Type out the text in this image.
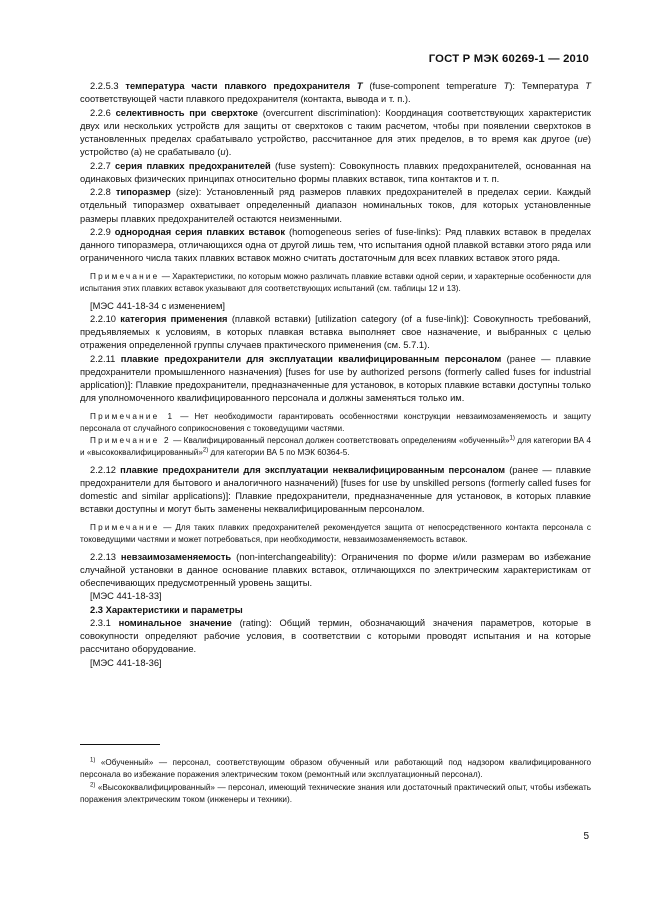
ГОСТ Р МЭК 60269-1 — 2010

2.2.5.3 температура части плавкого предохранителя T (fuse-component temperature T): Температура T соответствующей части плавкого предохранителя (контакта, вывода и т. п.).

2.2.6 селективность при сверхтоке (overcurrent discrimination): Координация соответствующих характеристик двух или нескольких устройств для защиты от сверхтоков с таким расчетом, чтобы при появлении сверхтоков в установленных пределах срабатывало устройство, рассчитанное для этих пределов, в то время как другое (ие) устройство (а) не срабатывало (и).

2.2.7 серия плавких предохранителей (fuse system): Совокупность плавких предохранителей, основанная на одинаковых физических принципах относительно формы плавких вставок, типа контактов и т. п.

2.2.8 типоразмер (size): Установленный ряд размеров плавких предохранителей в пределах серии. Каждый отдельный типоразмер охватывает определенный диапазон номинальных токов, для которых установленные размеры плавких предохранителей остаются неизменными.

2.2.9 однородная серия плавких вставок (homogeneous series of fuse-links): Ряд плавких вставок в пределах данного типоразмера, отличающихся одна от другой лишь тем, что испытания одной плавкой вставки этого ряда или ограниченного числа таких плавких вставок можно считать достаточным для всех плавких вставок этого ряда.

Примечание — Характеристики, по которым можно различать плавкие вставки одной серии, и характерные особенности для испытания этих плавких вставок указывают для соответствующих испытаний (см. таблицы 12 и 13).

[МЭС 441-18-34 с изменением]

2.2.10 категория применения (плавкой вставки) [utilization category (of a fuse-link)]: Совокупность требований, предъявляемых к условиям, в которых плавкая вставка выполняет свое назначение, и выбранных с целью отражения определенной группы случаев практического применения (см. 5.7.1).

2.2.11 плавкие предохранители для эксплуатации квалифицированным персоналом (ранее — плавкие предохранители промышленного назначения) [fuses for use by authorized persons (formerly called fuses for industrial application)]: Плавкие предохранители, предназначенные для установок, в которых плавкие вставки доступны только для уполномоченного квалифицированного персонала и должны заменяться только им.

Примечание 1 — Нет необходимости гарантировать особенностями конструкции невзаимозаменяемость и защиту персонала от случайного соприкосновения с токоведущими частями.

Примечание 2 — Квалифицированный персонал должен соответствовать определениям «обученный»$^{1)}$ для категории ВА 4 и «высококвалифицированный»$^{2)}$ для категории ВА 5 по МЭК 60364-5.

2.2.12 плавкие предохранители для эксплуатации неквалифицированным персоналом (ранее — плавкие предохранители для бытового и аналогичного назначений) [fuses for use by unskilled persons (formerly called fuses for domestic and similar applications)]: Плавкие предохранители, предназначенные для установок, в которых плавкие вставки доступны и могут быть заменены неквалифицированным персоналом.

Примечание — Для таких плавких предохранителей рекомендуется защита от непосредственного контакта персонала с токоведущими частями и может потребоваться, при необходимости, невзаимозаменяемость вставок.

2.2.13 невзаимозаменяемость (non-interchangeability): Ограничения по форме и/или размерам во избежание случайной установки в данное основание плавких вставок, отличающихся по электрическим характеристикам от обеспечивающих предусмотренный уровень защиты.

[МЭС 441-18-33]

2.3 Характеристики и параметры

2.3.1 номинальное значение (rating): Общий термин, обозначающий значения параметров, которые в совокупности определяют рабочие условия, в соответствии с которыми проводят испытания и на которые рассчитано оборудование.

[МЭС 441-18-36]

$^{1)}$ «Обученный» — персонал, соответствующим образом обученный или работающий под надзором квалифицированного персонала во избежание поражения электрическим током (ремонтный или эксплуатационный персонал).

$^{2)}$ «Высококвалифицированный» — персонал, имеющий технические знания или достаточный практический опыт, чтобы избежать поражения электрическим током (инженеры и техники).

5
